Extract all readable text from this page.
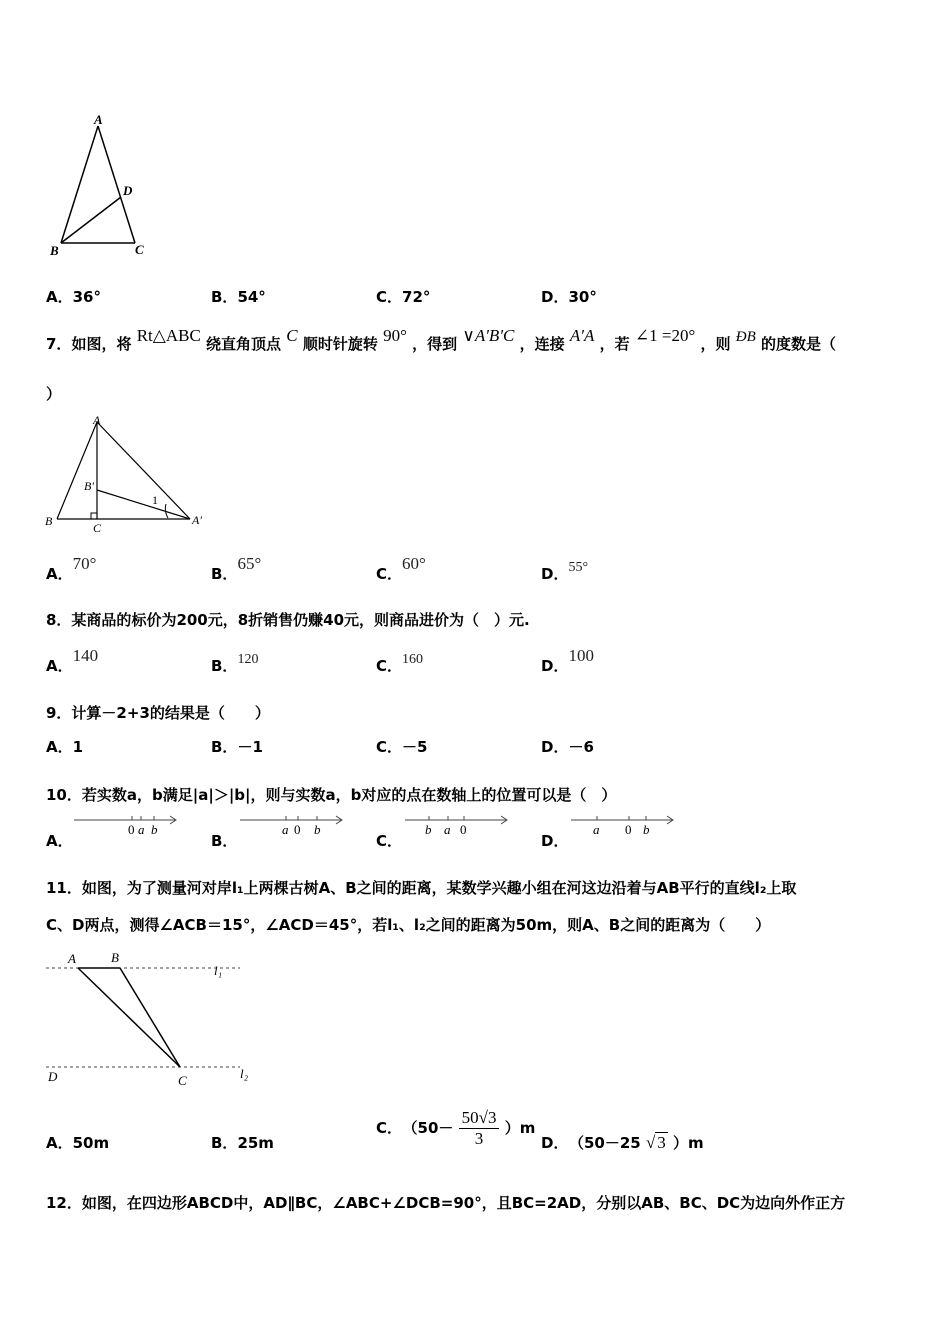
A
D
B	C
A．36°	B．54°	C．72°	D．30°
7．如图，将 Rt△ABC 绕直角顶点 C 顺时针旋转 90° ，得到 ∨A′B′C ，连接 A′A ，若 ∠1 =20° ，则 ÐB 的度数是（
）
A
B′
1
B	C
A′
A．70°
B．65°
C．60°
D．55°
8．某商品的标价为200元，8折销售仍赚40元，则商品进价为（　）元.
A．140
B．120	C．160	D．100
9．计算－2+3的结果是（　　）
A．1	B．－1	C．－5	D．－6
10．若实数a，b满足|a|＞|b|，则与实数a，b对应的点在数轴上的位置可以是（　）
A．
0 a b
B．
a 0 b
C．
b a 0
D．
a 0 b
11．如图，为了测量河对岸l₁上两棵古树A、B之间的距离，某数学兴趣小组在河这边沿着与AB平行的直线l₂上取
C、D两点，测得∠ACB＝15°，∠ACD＝45°，若l₁、l₂之间的距离为50m，则A、B之间的距离为（　　）
A	B
l₁
D	C	l₂
A．50m	B．25m
C． $(50- \frac{50√3}{3} )m$
D． （50－25 √ 3 ）m
12．如图，在四边形ABCD中，AD∥BC，∠ABC+∠DCB=90°，且BC=2AD，分别以AB、BC、DC为边向外作正方
